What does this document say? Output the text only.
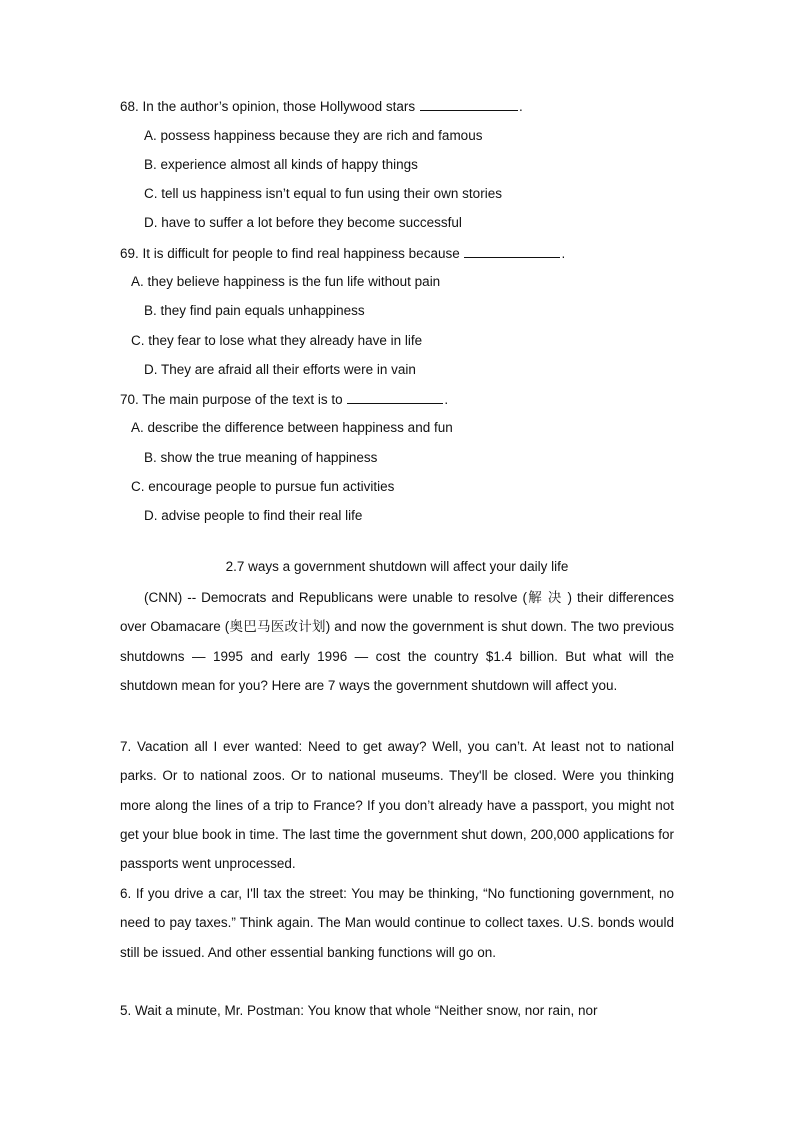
68. In the author’s opinion, those Hollywood stars	.
A. possess happiness because they are rich and famous
B. experience almost all kinds of happy things
C. tell us happiness isn’t equal to fun using their own stories
D. have to suffer a lot before they become successful
69. It is difficult for people to find real happiness because	.
A. they believe happiness is the fun life without pain
B. they find pain equals unhappiness
C. they fear to lose what they already have in life
D. They are afraid all their efforts were in vain
70. The main purpose of the text is to	.
A. describe the difference between happiness and fun
B. show the true meaning of happiness
C. encourage people to pursue fun activities
D. advise people to find their real life
2.7 ways a government shutdown will affect your daily life
(CNN) -- Democrats and Republicans were unable to resolve (解 决 ) their differences over Obamacare (奥巴马医改计划) and now the government is shut down. The two previous shutdowns — 1995 and early 1996 — cost the country $1.4 billion. But what will the shutdown mean for you? Here are 7 ways the government shutdown will affect you.
7. Vacation all I ever wanted: Need to get away? Well, you can’t. At least not to national parks. Or to national zoos. Or to national museums. They'll be closed. Were you thinking more along the lines of a trip to France? If you don’t already have a passport, you might not get your blue book in time. The last time the government shut down, 200,000 applications for passports went unprocessed.
6. If you drive a car, I'll tax the street: You may be thinking, “No functioning government, no need to pay taxes.” Think again. The Man would continue to collect taxes. U.S. bonds would still be issued. And other essential banking functions will go on.
5. Wait a minute, Mr. Postman: You know that whole “Neither snow, nor rain, nor
